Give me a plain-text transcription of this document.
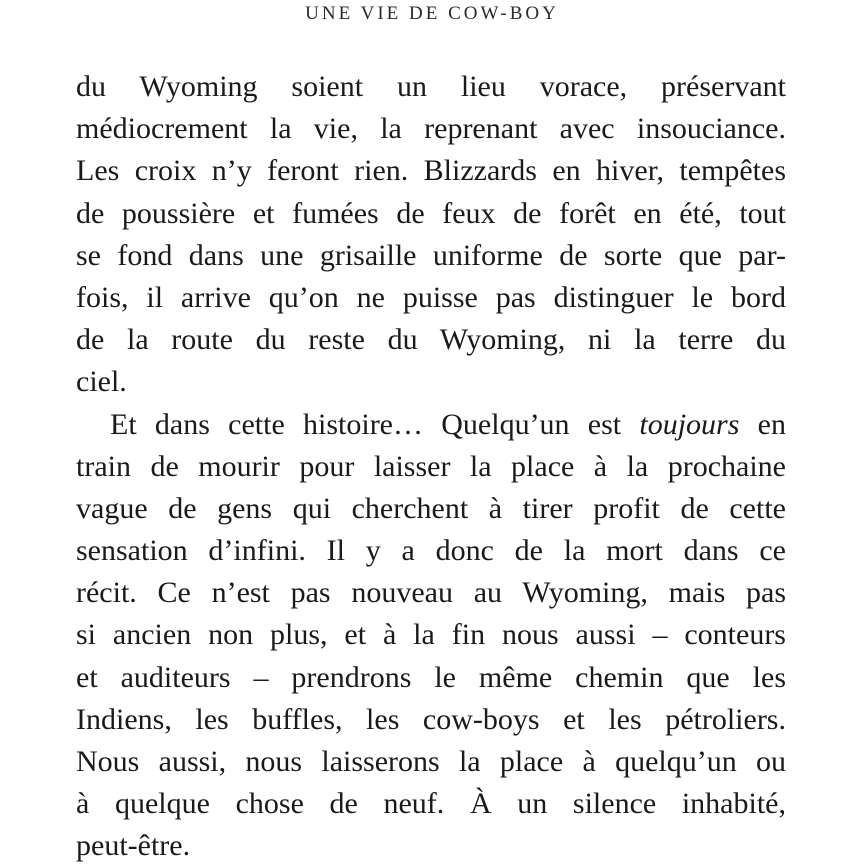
UNE VIE DE COW-BOY

du Wyoming soient un lieu vorace, préservant
médiocrement la vie, la reprenant avec insouciance.
Les croix n’y feront rien. Blizzards en hiver, tempêtes
de poussière et fumées de feux de forêt en été, tout
se fond dans une grisaille uniforme de sorte que par-
fois, il arrive qu’on ne puisse pas distinguer le bord
de la route du reste du Wyoming, ni la terre du
ciel.

Et dans cette histoire… Quelqu’un est toujours en
train de mourir pour laisser la place à la prochaine
vague de gens qui cherchent à tirer profit de cette
sensation d’infini. Il y a donc de la mort dans ce
récit. Ce n’est pas nouveau au Wyoming, mais pas
si ancien non plus, et à la fin nous aussi – conteurs
et auditeurs – prendrons le même chemin que les
Indiens, les buffles, les cow-boys et les pétroliers.
Nous aussi, nous laisserons la place à quelqu’un ou
à quelque chose de neuf. À un silence inhabité,
peut-être.
